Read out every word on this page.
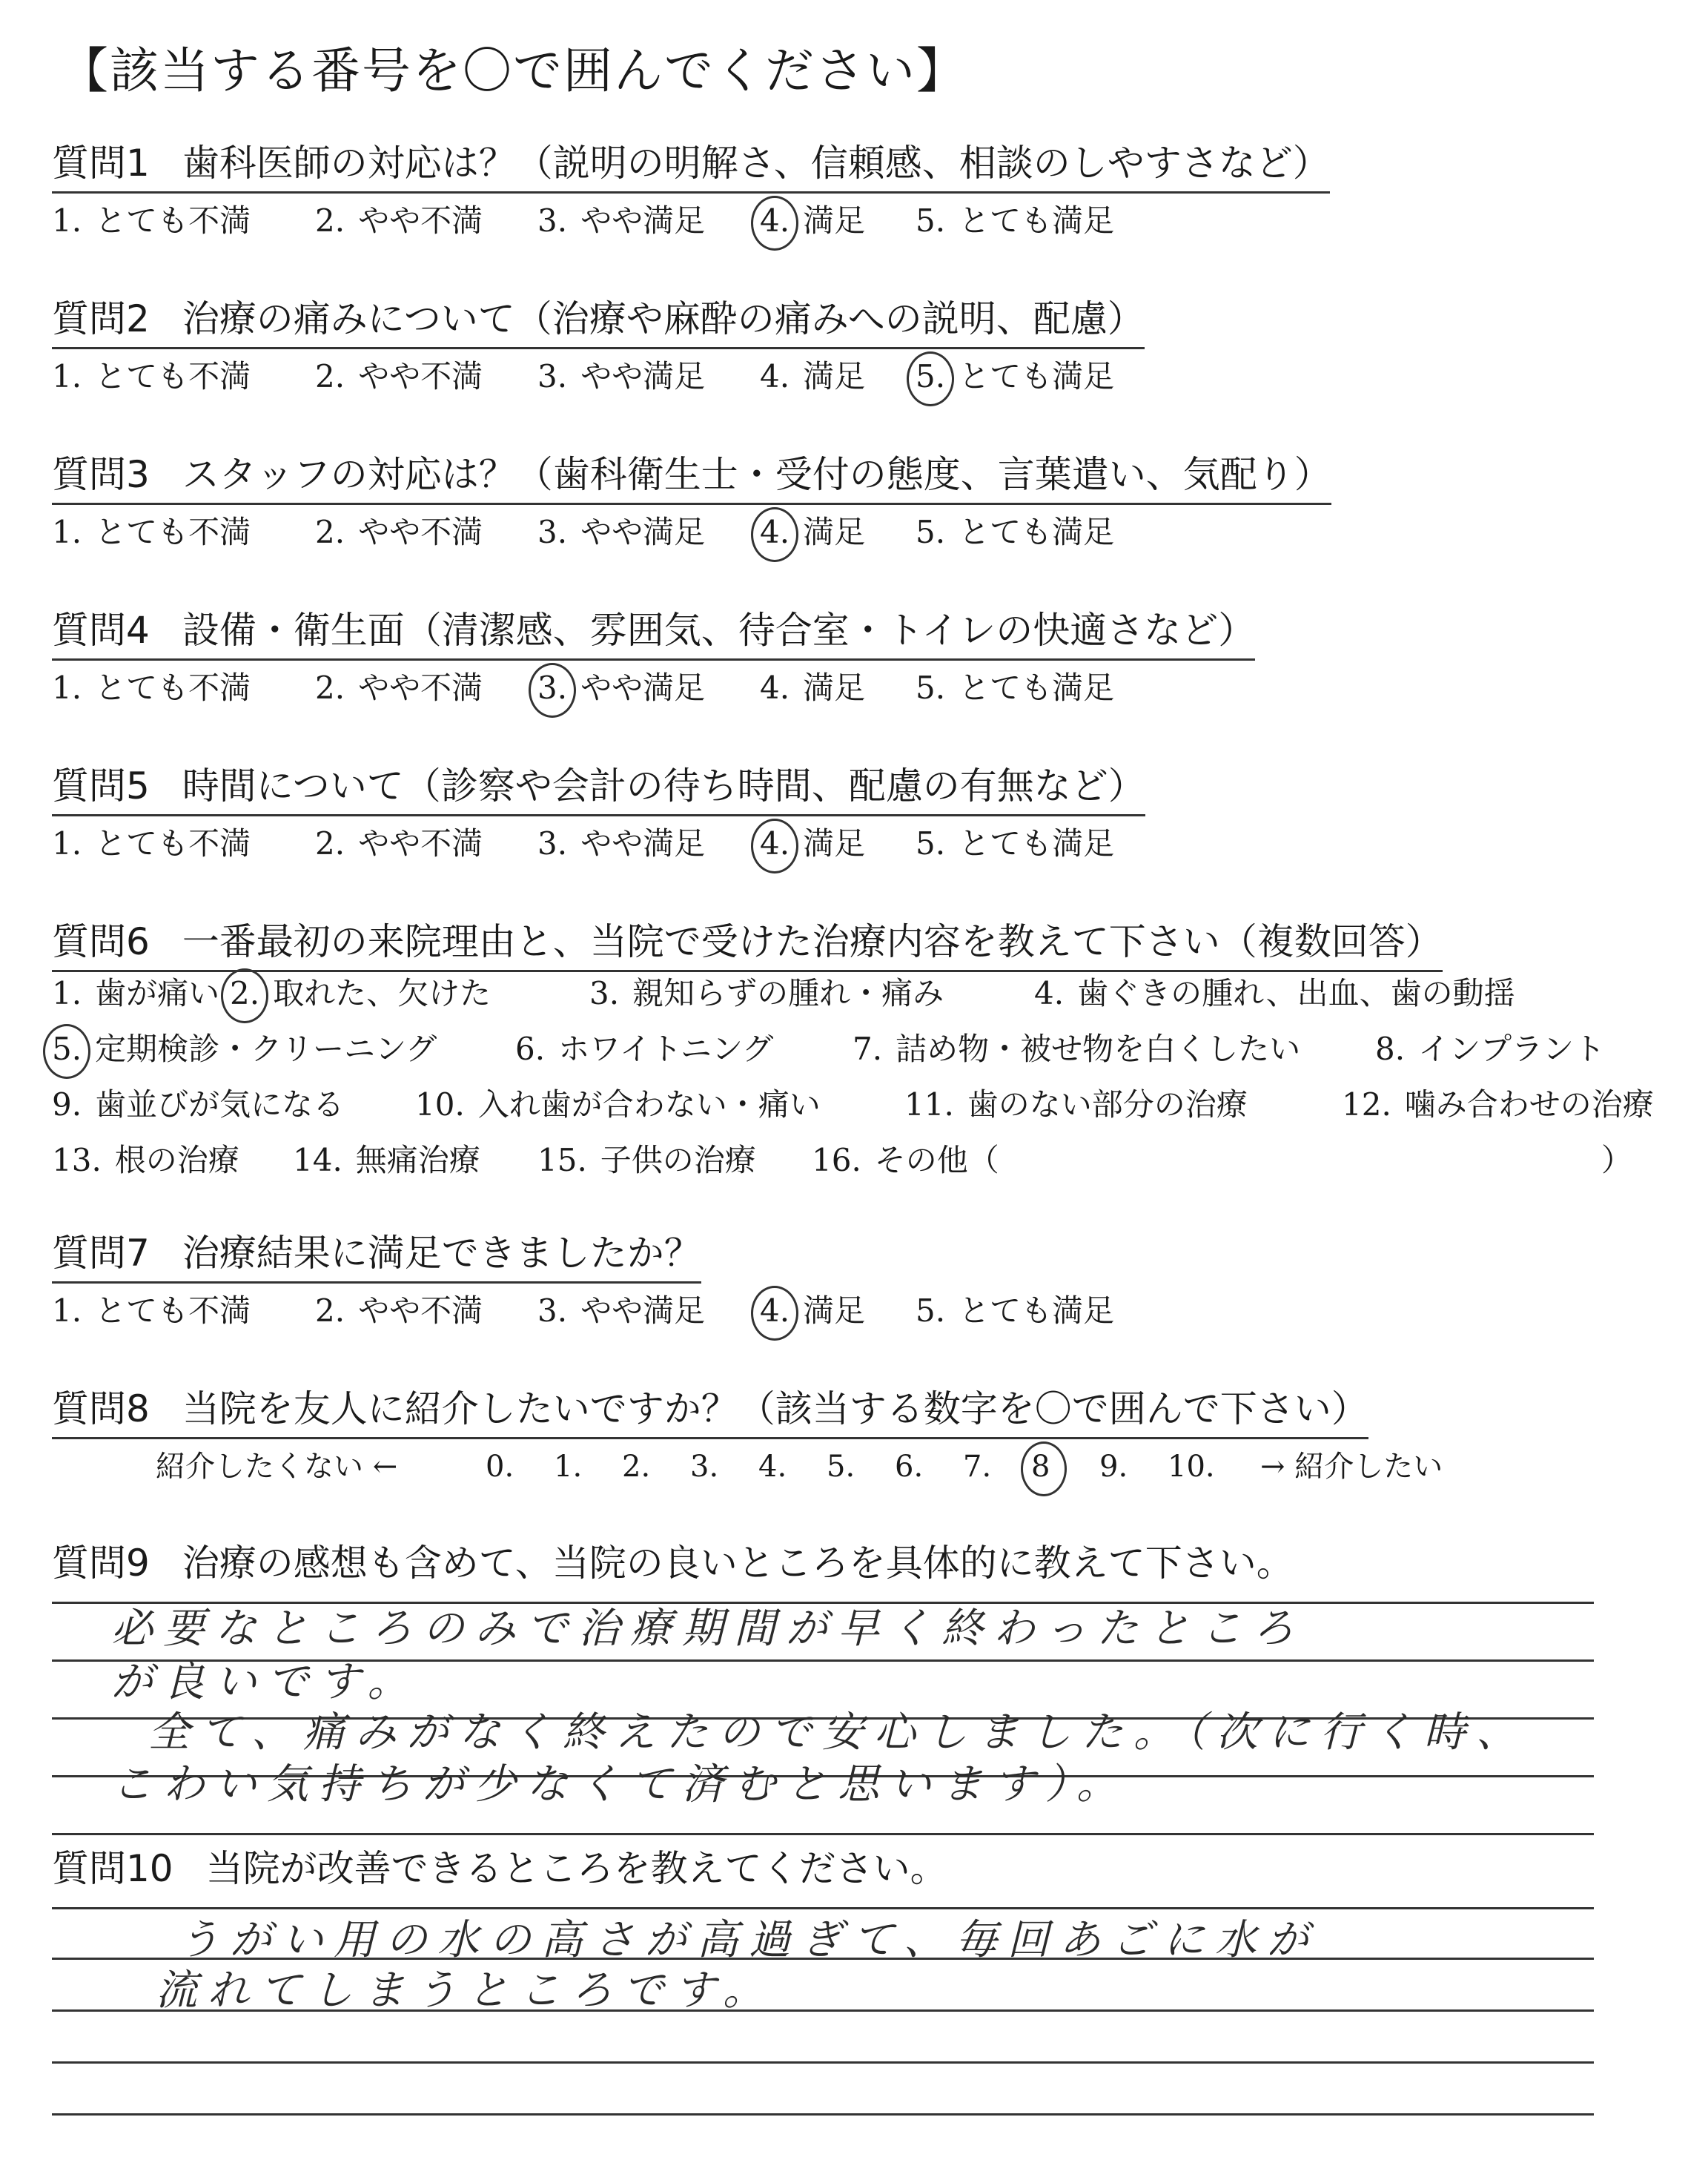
【該当する番号を〇で囲んでください】
質問1 歯科医師の対応は？（説明の明解さ、信頼感、相談のしやすさなど）
1. とても不満 2. やや不満 3. やや満足 4. 満足 5. とても満足
質問2 治療の痛みについて（治療や麻酔の痛みへの説明、配慮）
1. とても不満 2. やや不満 3. やや満足 4. 満足 5. とても満足
質問3 スタッフの対応は？（歯科衛生士・受付の態度、言葉遣い、気配り）
1. とても不満 2. やや不満 3. やや満足 4. 満足 5. とても満足
質問4 設備・衛生面（清潔感、雰囲気、待合室・トイレの快適さなど）
1. とても不満 2. やや不満 3. やや満足 4. 満足 5. とても満足
質問5 時間について（診察や会計の待ち時間、配慮の有無など）
1. とても不満 2. やや不満 3. やや満足 4. 満足 5. とても満足
質問6 一番最初の来院理由と、当院で受けた治療内容を教えて下さい（複数回答）
1. 歯が痛い 2. 取れた、欠けた	3. 親知らずの腫れ・痛み	4. 歯ぐきの腫れ、出血、歯の動揺
5. 定期検診・クリーニング	6. ホワイトニング	7. 詰め物・被せ物を白くしたい 8. インプラント
9. 歯並びが気になる 10. 入れ歯が合わない・痛い	11. 歯のない部分の治療	12. 噛み合わせの治療
13. 根の治療 14. 無痛治療 15. 子供の治療 16. その他（	）
質問7 治療結果に満足できましたか？
1. とても不満 2. やや不満 3. やや満足 4. 満足 5. とても満足
質問8 当院を友人に紹介したいですか？（該当する数字を〇で囲んで下さい）
紹介したくない ←	0. 1. 2. 3. 4. 5. 6. 7. 8 9. 10. → 紹介したい
質問9 治療の感想も含めて、当院の良いところを具体的に教えて下さい。
必要なところのみで治療期間が早く終わったところ
が良いです。
全て、痛みがなく終えたので安心しました。（次に行く時、
こわい気持ちが少なくて済むと思います）。
質問10 当院が改善できるところを教えてください。
うがい用の水の高さが高過ぎて、毎回あごに水が
流れてしまうところです。
